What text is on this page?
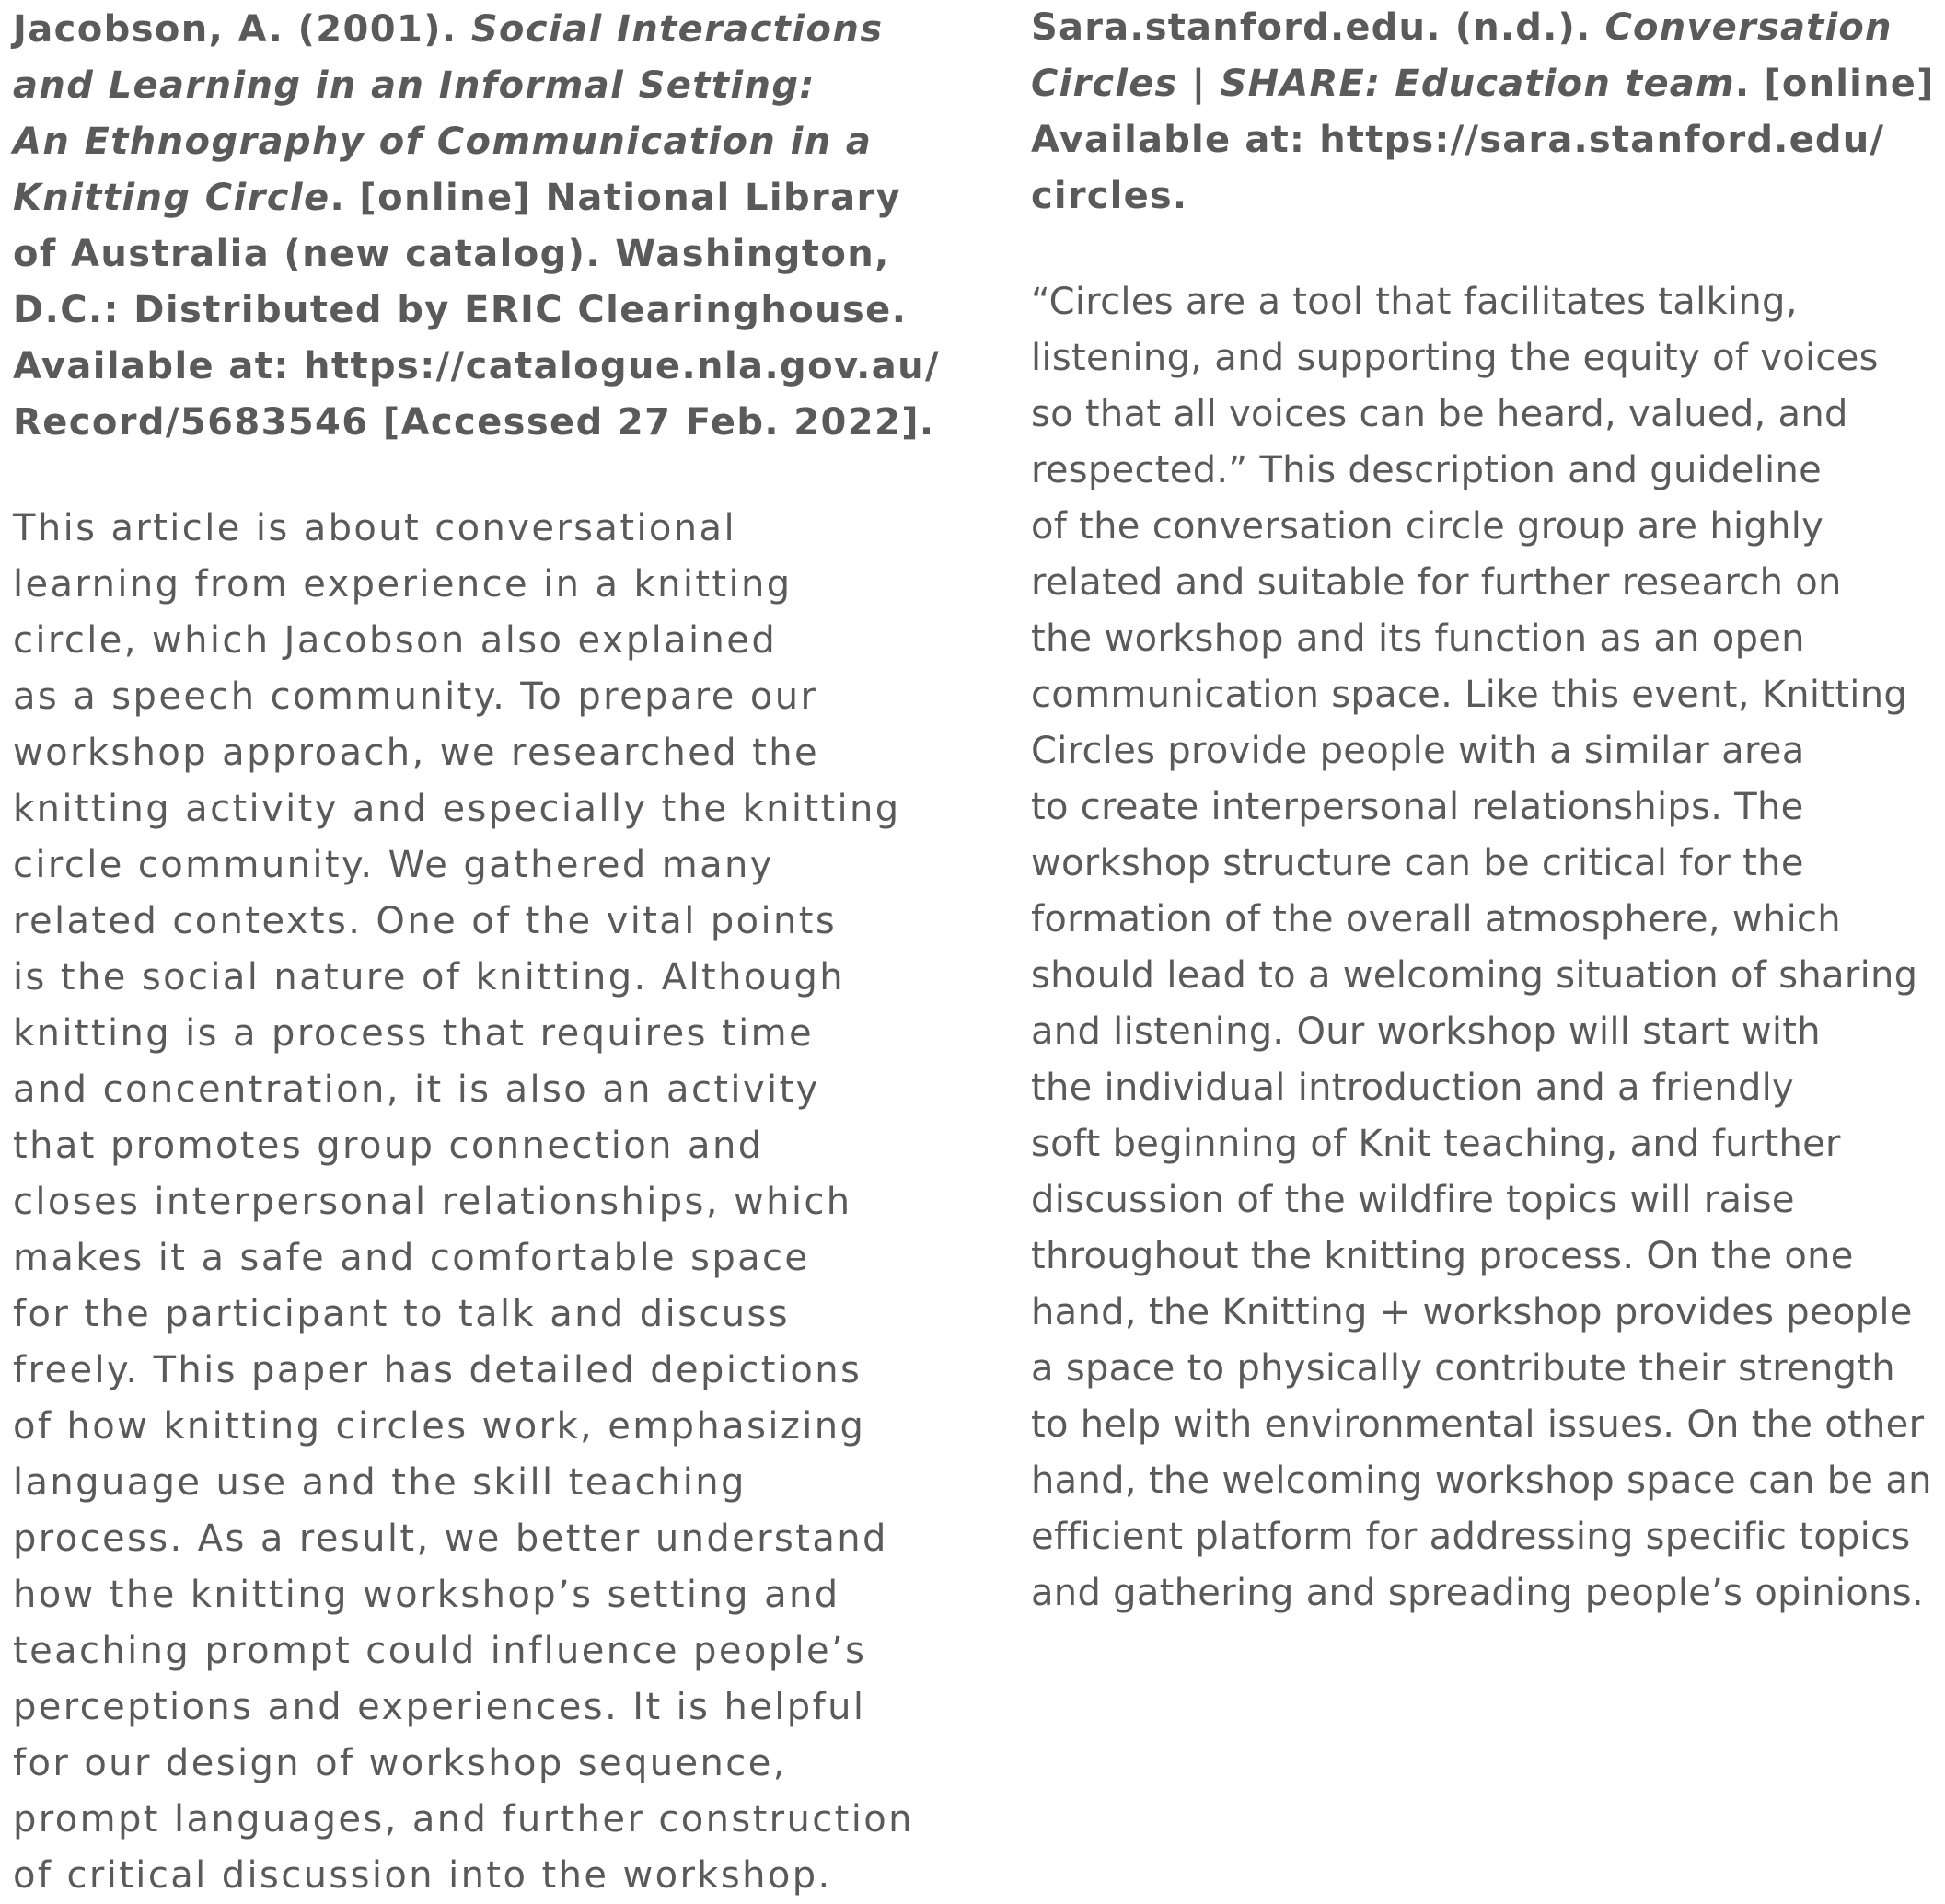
Jacobson, A. (2001). Social Interactions
and Learning in an Informal Setting:
An Ethnography of Communication in a
Knitting Circle. [online] National Library
of Australia (new catalog). Washington,
D.C.: Distributed by ERIC Clearinghouse.
Available at: https://catalogue.nla.gov.au/
Record/5683546 [Accessed 27 Feb. 2022].

This article is about conversational
learning from experience in a knitting
circle, which Jacobson also explained
as a speech community. To prepare our
workshop approach, we researched the
knitting activity and especially the knitting
circle community. We gathered many
related contexts. One of the vital points
is the social nature of knitting. Although
knitting is a process that requires time
and concentration, it is also an activity
that promotes group connection and
closes interpersonal relationships, which
makes it a safe and comfortable space
for the participant to talk and discuss
freely. This paper has detailed depictions
of how knitting circles work, emphasizing
language use and the skill teaching
process. As a result, we better understand
how the knitting workshop’s setting and
teaching prompt could influence people’s
perceptions and experiences. It is helpful
for our design of workshop sequence,
prompt languages, and further construction
of critical discussion into the workshop.

Sara.stanford.edu. (n.d.). Conversation
Circles | SHARE: Education team. [online]
Available at: https://sara.stanford.edu/
circles.

“Circles are a tool that facilitates talking,
listening, and supporting the equity of voices
so that all voices can be heard, valued, and
respected.” This description and guideline
of the conversation circle group are highly
related and suitable for further research on
the workshop and its function as an open
communication space. Like this event, Knitting
Circles provide people with a similar area
to create interpersonal relationships. The
workshop structure can be critical for the
formation of the overall atmosphere, which
should lead to a welcoming situation of sharing
and listening. Our workshop will start with
the individual introduction and a friendly
soft beginning of Knit teaching, and further
discussion of the wildfire topics will raise
throughout the knitting process. On the one
hand, the Knitting + workshop provides people
a space to physically contribute their strength
to help with environmental issues. On the other
hand, the welcoming workshop space can be an
efficient platform for addressing specific topics
and gathering and spreading people’s opinions.
